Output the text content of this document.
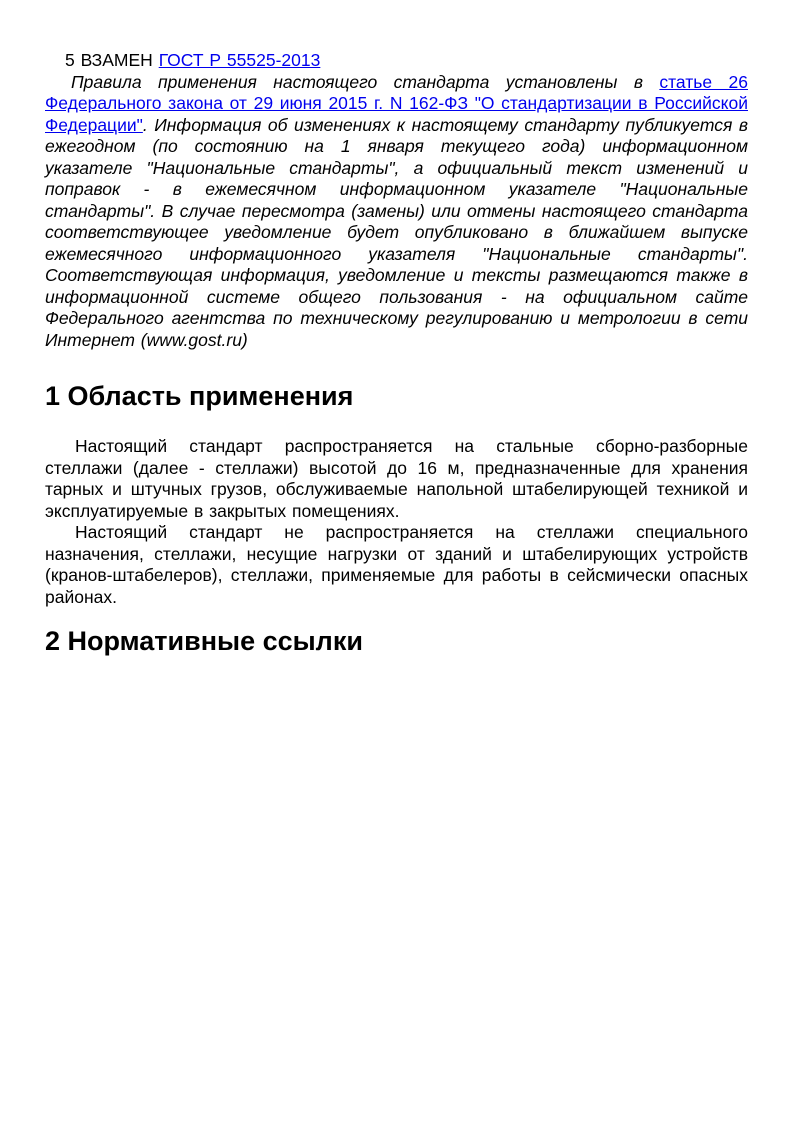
5 ВЗАМЕН ГОСТ Р 55525-2013

Правила применения настоящего стандарта установлены в статье 26 Федерального закона от 29 июня 2015 г. N 162-ФЗ "О стандартизации в Российской Федерации". Информация об изменениях к настоящему стандарту публикуется в ежегодном (по состоянию на 1 января текущего года) информационном указателе "Национальные стандарты", а официальный текст изменений и поправок - в ежемесячном информационном указателе "Национальные стандарты". В случае пересмотра (замены) или отмены настоящего стандарта соответствующее уведомление будет опубликовано в ближайшем выпуске ежемесячного информационного указателя "Национальные стандарты". Соответствующая информация, уведомление и тексты размещаются также в информационной системе общего пользования - на официальном сайте Федерального агентства по техническому регулированию и метрологии в сети Интернет (www.gost.ru)

1 Область применения

Настоящий стандарт распространяется на стальные сборно-разборные стеллажи (далее - стеллажи) высотой до 16 м, предназначенные для хранения тарных и штучных грузов, обслуживаемые напольной штабелирующей техникой и эксплуатируемые в закрытых помещениях.

Настоящий стандарт не распространяется на стеллажи специального назначения, стеллажи, несущие нагрузки от зданий и штабелирующих устройств (кранов-штабелеров), стеллажи, применяемые для работы в сейсмически опасных районах.

2 Нормативные ссылки
